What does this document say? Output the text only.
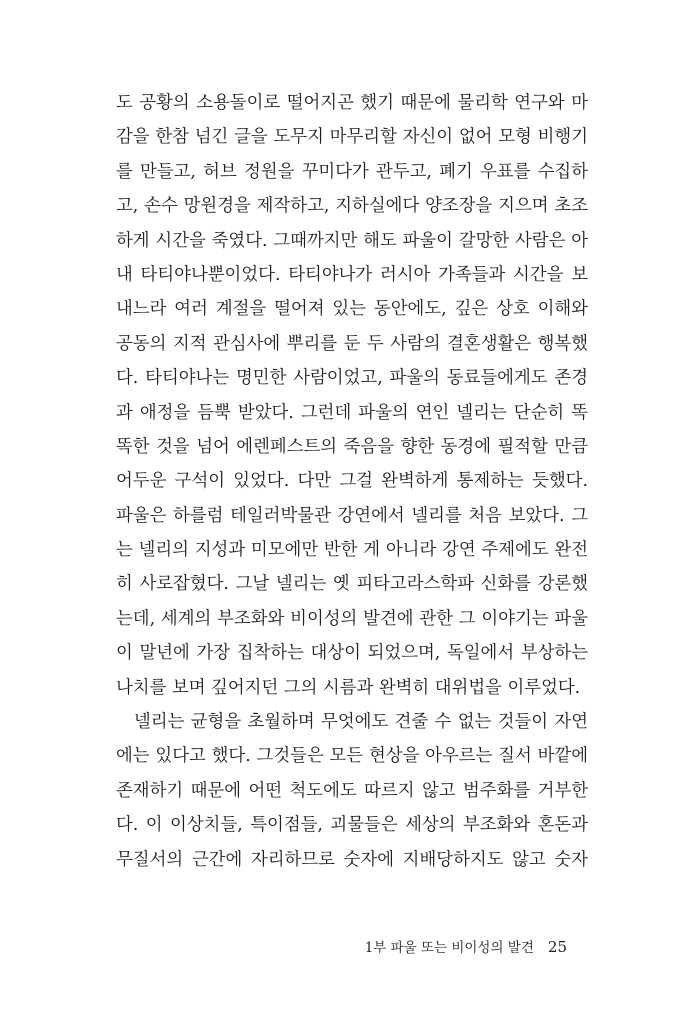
도 공황의 소용돌이로 떨어지곤 했기 때문에 물리학 연구와 마
감을 한참 넘긴 글을 도무지 마무리할 자신이 없어 모형 비행기
를 만들고, 허브 정원을 꾸미다가 관두고, 폐기 우표를 수집하
고, 손수 망원경을 제작하고, 지하실에다 양조장을 지으며 초조
하게 시간을 죽였다. 그때까지만 해도 파울이 갈망한 사람은 아
내 타티야나뿐이었다. 타티야나가 러시아 가족들과 시간을 보
내느라 여러 계절을 떨어져 있는 동안에도, 깊은 상호 이해와
공동의 지적 관심사에 뿌리를 둔 두 사람의 결혼생활은 행복했
다. 타티야나는 명민한 사람이었고, 파울의 동료들에게도 존경
과 애정을 듬뿍 받았다. 그런데 파울의 연인 넬리는 단순히 똑
똑한 것을 넘어 에렌페스트의 죽음을 향한 동경에 필적할 만큼
어두운 구석이 있었다. 다만 그걸 완벽하게 통제하는 듯했다.
파울은 하를럼 테일러박물관 강연에서 넬리를 처음 보았다. 그
는 넬리의 지성과 미모에만 반한 게 아니라 강연 주제에도 완전
히 사로잡혔다. 그날 넬리는 옛 피타고라스학파 신화를 강론했
는데, 세계의 부조화와 비이성의 발견에 관한 그 이야기는 파울
이 말년에 가장 집착하는 대상이 되었으며, 독일에서 부상하는
나치를 보며 깊어지던 그의 시름과 완벽히 대위법을 이루었다.
넬리는 균형을 초월하며 무엇에도 견줄 수 없는 것들이 자연
에는 있다고 했다. 그것들은 모든 현상을 아우르는 질서 바깥에
존재하기 때문에 어떤 척도에도 따르지 않고 범주화를 거부한
다. 이 이상치들, 특이점들, 괴물들은 세상의 부조화와 혼돈과
무질서의 근간에 자리하므로 숫자에 지배당하지도 않고 숫자
1부 파울 또는 비이성의 발견 25
